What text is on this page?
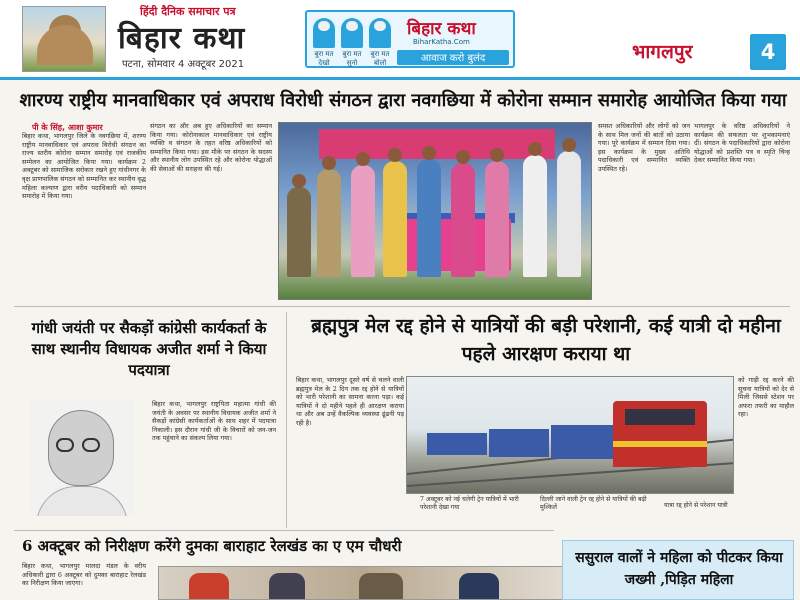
हिंदी दैनिक समाचार पत्र
बिहार कथा
पटना, सोमवार 4 अक्टूबर 2021
बुरा मत देखो
बुरा मत सुनो
बुरा मत बोलो
बिहार कथा
BiharKatha.Com
आवाज करो बुलंद	भागलपुर	4
शारण्य राष्ट्रीय मानवाधिकार एवं अपराध विरोधी संगठन द्वारा नवगछिया में कोरोना सम्मान समारोह आयोजित किया गया
पी के सिंह, आशा कुमार
बिहार कथा, भागलपुर जिले के नवगछिया में, शरण्य राष्ट्रीय मानवाधिकार एवं अपराध विरोधी संगठन का राज्य स्तरीय कोरोना सम्मान समारोह एवं राजकीय सम्मेलन का आयोजित किया गया। कार्यक्रम 2 अक्टूबर को सामाजिक सरोकार रखने हुए गांधीनगर के वृक्ष प्राणपालिक संगठन को सम्मानित कर स्थानीय वृद्ध महिला कल्याण द्वारा वरीय पदाधिकारी को सम्मान समारोह में किया गया।
संगठन का और अब हुए अधिकारियों का सम्मान किया गया। कोरोनाकाल मानवाधिकार एवं राष्ट्रीय व्यक्ति व संगठन के तहत वरिष्ठ अधिकारियों को सम्मानित किया गया। इस मौके पर संगठन के सदस्य और स्थानीय लोग उपस्थित रहे और कोरोना योद्धाओं की सेवाओं की सराहना की गई।
समस्त अधिकारियों और लोगों को जन के साथ मिल जनों की बातों को उठाया गया। पूरे कार्यक्रम में सम्मान दिया गया। इस कार्यक्रम के मुख्य अतिथि पदाधिकारी एवं सम्मानित व्यक्ति उपस्थित रहे।
भागलपुर के वरिष्ठ अधिकारियों ने कार्यक्रम की सफलता पर शुभकामनाएं दीं। संगठन के पदाधिकारियों द्वारा कोरोना योद्धाओं को प्रशस्ति पत्र व स्मृति चिन्ह देकर सम्मानित किया गया।
गांधी जयंती पर सैकड़ों कांग्रेसी कार्यकर्ता के साथ स्थानीय विधायक अजीत शर्मा ने किया पदयात्रा
बिहार कथा, भागलपुर राष्ट्रपिता महात्मा गांधी की जयंती के अवसर पर स्थानीय विधायक अजीत शर्मा ने सैकड़ों कांग्रेसी कार्यकर्ताओं के साथ शहर में पदयात्रा निकाली। इस दौरान गांधी जी के विचारों को जन-जन तक पहुंचाने का संकल्प लिया गया।
ब्रह्मपुत्र मेल रद्द होने से यात्रियों की बड़ी परेशानी, कई यात्री दो महीना पहले आरक्षण कराया था
बिहार कथा, भागलपुर दूसरे वर्ष से चलने वाली ब्रह्मपुत्र मेल के 2 दिन तक रद्द होने से यात्रियों को भारी परेशानी का सामना करना पड़ा। कई यात्रियों ने दो महीने पहले ही आरक्षण कराया था और अब उन्हें वैकल्पिक व्यवस्था ढूंढनी पड़ रही है।
को गाड़ी रद्द करने की सूचना यात्रियों को देर से मिली जिससे स्टेशन पर अफरा तफरी का माहौल रहा।
7 अक्टूबर को नई चलेगी ट्रेन यात्रियों में भारी परेशानी देखा गया
दिल्ली जाने वाली ट्रेन रद्द होने से यात्रियों की बढ़ी मुश्किलें	यात्रा रद्द होने से परेशान यात्री
6 अक्टूबर को निरीक्षण करेंगे दुमका बाराहाट रेलखंड का ए एम चौधरी
बिहार कथा, भागलपुर मालदा मंडल के वरीय अधिकारी द्वारा 6 अक्टूबर को दुमका बाराहाट रेलखंड का निरीक्षण किया जाएगा।
ससुराल वालों ने महिला को पीटकर किया जख्मी ,पिड़ित महिला
